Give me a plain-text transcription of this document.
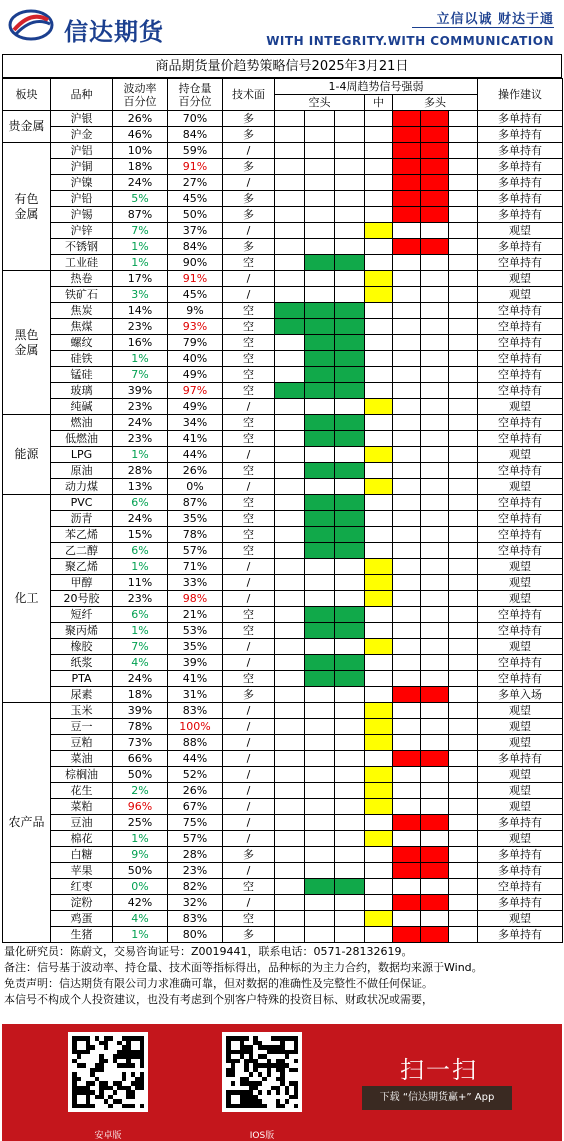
信达期货	立信以诚 财达于通
WITH INTEGRITY.WITH COMMUNICATION
商品期货量价趋势策略信号2025年3月21日
板块	品种	波动率
百分位	持仓量
百分位	技术面	1-4周趋势信号强弱							操作建议
					空头			中	多头			
贵金属	沪银	26%	70%	多								多单持有
	沪金	46%	84%	多								多单持有
有色
金属	沪铝	10%	59%	/								多单持有
	沪铜	18%	91%	多								多单持有
	沪镍	24%	27%	/								多单持有
	沪铅	5%	45%	多								多单持有
	沪锡	87%	50%	多								多单持有
	沪锌	7%	37%	/								观望
	不锈钢	1%	84%	多								多单持有
	工业硅	1%	90%	空								空单持有
黑色
金属	热卷	17%	91%	/								观望
	铁矿石	3%	45%	/								观望
	焦炭	14%	9%	空								空单持有
	焦煤	23%	93%	空								空单持有
	螺纹	16%	79%	空								空单持有
	硅铁	1%	40%	空								空单持有
	锰硅	7%	49%	空								空单持有
	玻璃	39%	97%	空								空单持有
	纯碱	23%	49%	/								观望
能源	燃油	24%	34%	空								空单持有
	低燃油	23%	41%	空								空单持有
	LPG	1%	44%	/								观望
	原油	28%	26%	空								空单持有
	动力煤	13%	0%	/								观望
化工	PVC	6%	87%	空								空单持有
	沥青	24%	35%	空								空单持有
	苯乙烯	15%	78%	空								空单持有
	乙二醇	6%	57%	空								空单持有
	聚乙烯	1%	71%	/								观望
	甲醇	11%	33%	/								观望
	20号胶	23%	98%	/								观望
	短纤	6%	21%	空								空单持有
	聚丙烯	1%	53%	空								空单持有
	橡胶	7%	35%	/								观望
	纸浆	4%	39%	/								空单持有
	PTA	24%	41%	空								空单持有
	尿素	18%	31%	多								多单入场
农产品	玉米	39%	83%	/								观望
	豆一	78%	100%	/								观望
	豆粕	73%	88%	/								观望
	菜油	66%	44%	/								多单持有
	棕榈油	50%	52%	/								观望
	花生	2%	26%	/								观望
	菜粕	96%	67%	/								观望
	豆油	25%	75%	/								多单持有
	棉花	1%	57%	/								观望
	白糖	9%	28%	多								多单持有
	苹果	50%	23%	/								多单持有
	红枣	0%	82%	空								空单持有
	淀粉	42%	32%	/								多单持有
	鸡蛋	4%	83%	空								观望
	生猪	1%	80%	多								多单持有

量化研究员：陈蔚文，交易咨询证号：Z0019441，联系电话：0571-28132619。

备注：信号基于波动率、持仓量、技术面等指标得出，品种标的为主力合约，数据均来源于Wind。

免责声明：信达期货有限公司力求准确可靠，但对数据的准确性及完整性不做任何保证。

本信号不构成个人投资建议，也没有考虑到个别客户特殊的投资目标、财政状况或需要，

安卓版	IOS版
扫一扫
下载 “信达期货赢+” App
